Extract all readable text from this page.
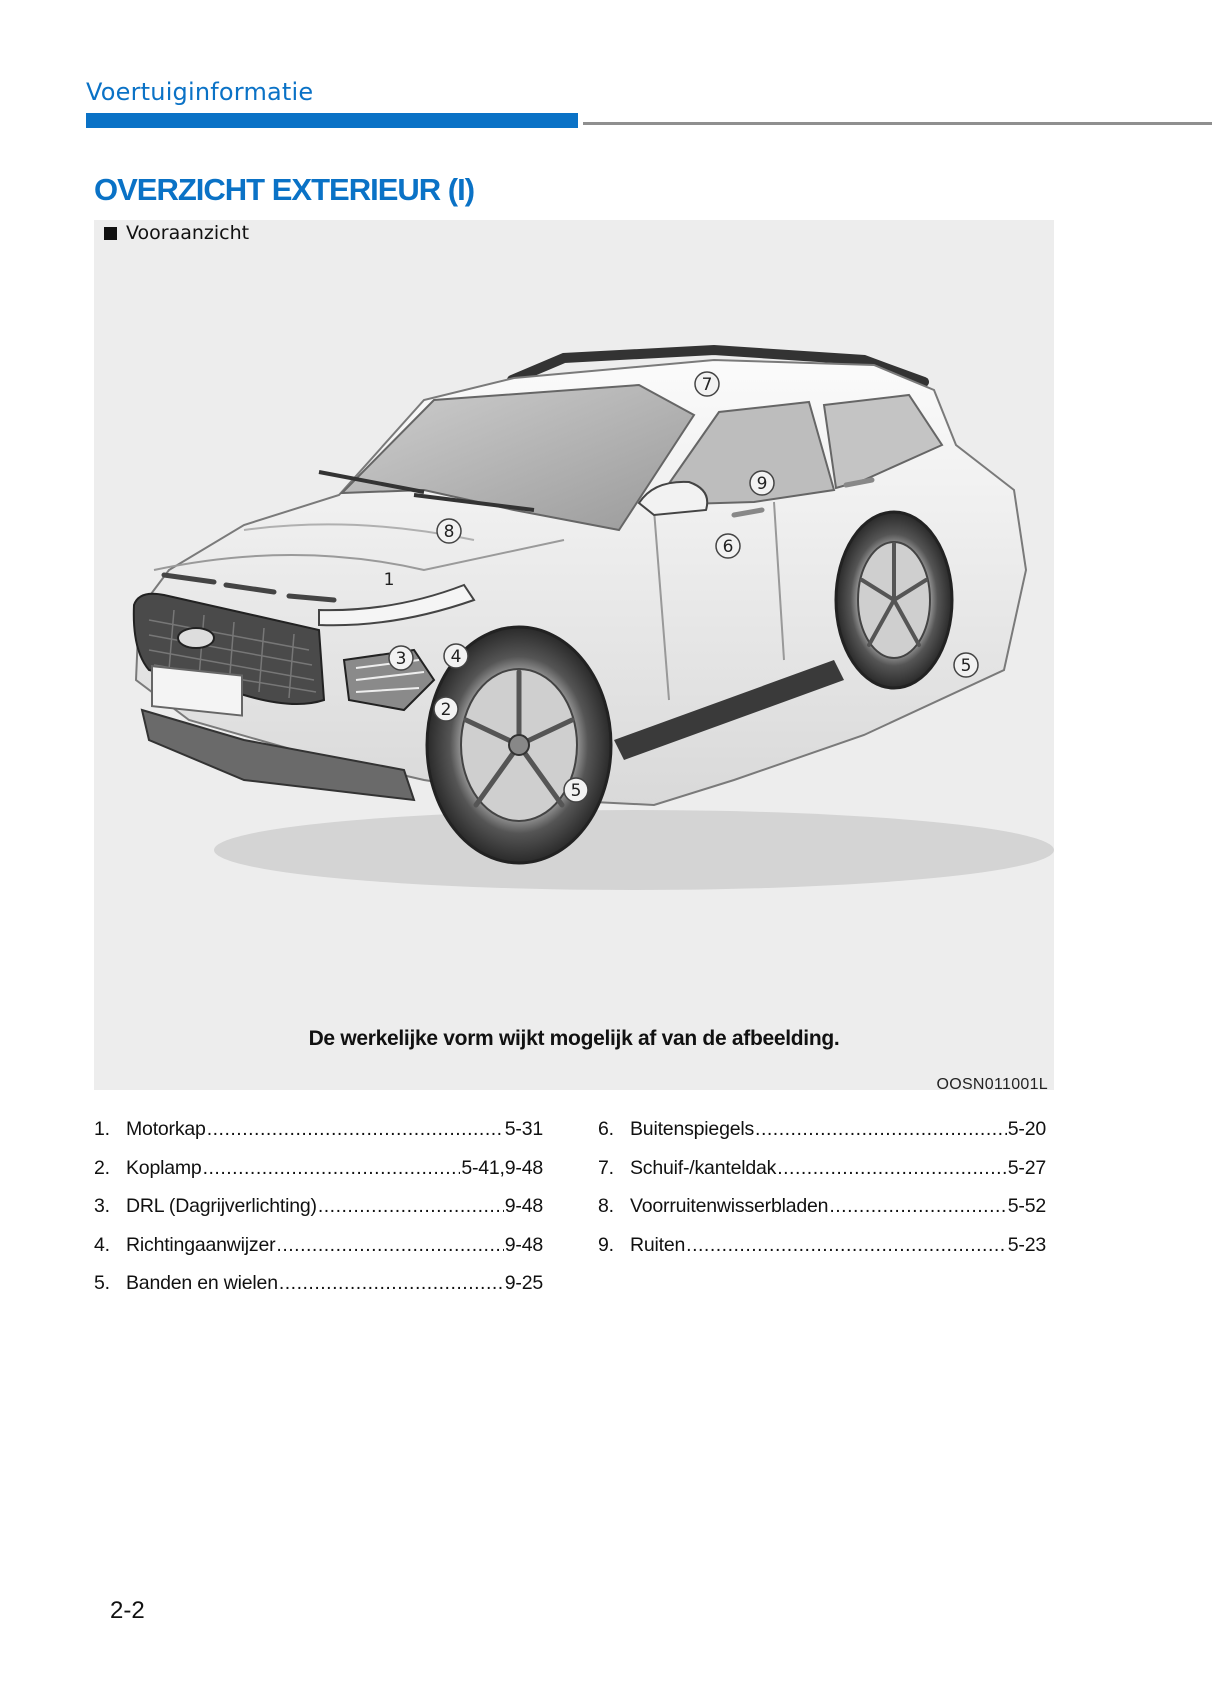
Voertuiginformatie
OVERZICHT EXTERIEUR (I)
Vooraanzicht
1
2
3	4
5
5
6
7
8
9
De werkelijke vorm wijkt mogelijk af van de afbeelding.
OOSN011001L
1. Motorkap .....	5-31
2. Koplamp .....	5-41,9-48
3. DRL (Dagrijverlichting) .....	9-48
4. Richtingaanwijzer .....	9-48
5. Banden en wielen .....	9-25
6. Buitenspiegels .....	5-20
7. Schuif-/kanteldak .....	5-27
8. Voorruitenwisserbladen .....	5-52
9. Ruiten .....	5-23
2-2
